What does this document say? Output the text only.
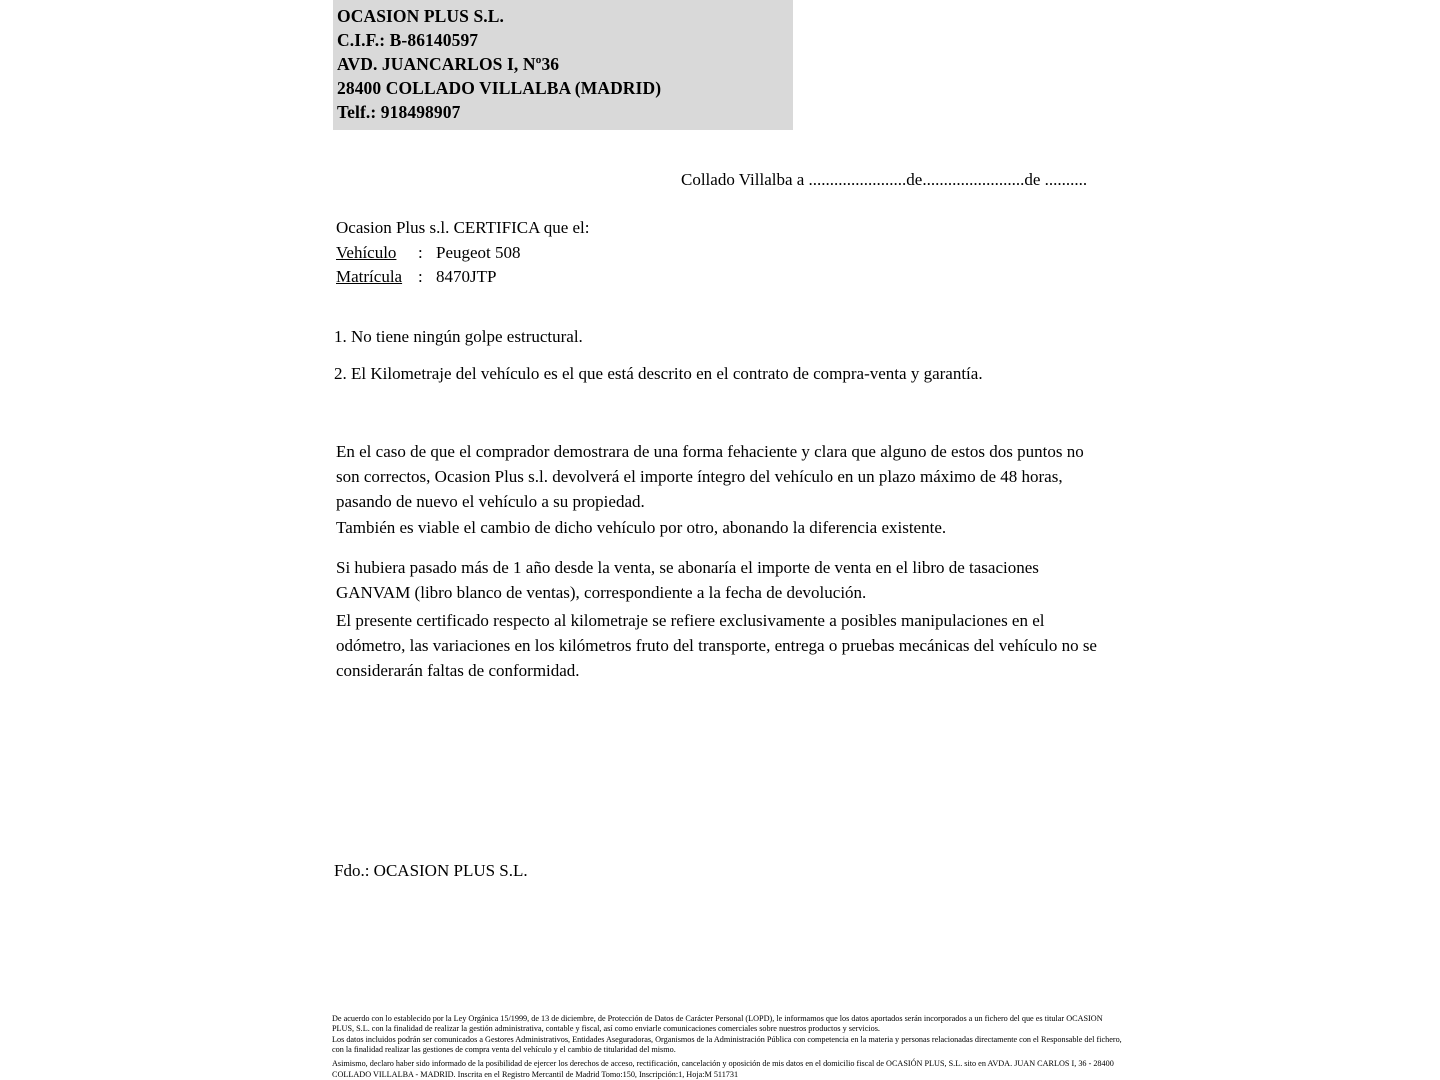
OCASION PLUS S.L.
C.I.F.: B-86140597
AVD. JUANCARLOS I, Nº36
28400 COLLADO VILLALBA (MADRID)
Telf.: 918498907
Collado Villalba a .......................de........................de ..........
Ocasion Plus s.l. CERTIFICA que el:
Vehículo : Peugeot 508
Matrícula : 8470JTP
1. No tiene ningún golpe estructural.
2. El Kilometraje del vehículo es el que está descrito en el contrato de compra-venta y garantía.
En el caso de que el comprador demostrara de una forma fehaciente y clara que alguno de estos dos puntos no son correctos, Ocasion Plus s.l. devolverá el importe íntegro del vehículo en un plazo máximo de 48 horas, pasando de nuevo el vehículo a su propiedad.
También es viable el cambio de dicho vehículo por otro, abonando la diferencia existente.
Si hubiera pasado más de 1 año desde la venta, se abonaría el importe de venta en el libro de tasaciones GANVAM (libro blanco de ventas), correspondiente a la fecha de devolución.
El presente certificado respecto al kilometraje se refiere exclusivamente a posibles manipulaciones en el odómetro, las variaciones en los kilómetros fruto del transporte, entrega o pruebas mecánicas del vehículo no se considerarán faltas de conformidad.
Fdo.: OCASION PLUS S.L.

De acuerdo con lo establecido por la Ley Orgánica 15/1999, de 13 de diciembre, de Protección de Datos de Carácter Personal (LOPD), le informamos que los datos aportados serán incorporados a un fichero del que es titular OCASION PLUS, S.L. con la finalidad de realizar la gestión administrativa, contable y fiscal, así como enviarle comunicaciones comerciales sobre nuestros productos y servicios.

Los datos incluidos podrán ser comunicados a Gestores Administrativos, Entidades Aseguradoras, Organismos de la Administración Pública con competencia en la materia y personas relacionadas directamente con el Responsable del fichero, con la finalidad realizar las gestiones de compra venta del vehículo y el cambio de titularidad del mismo.

Asimismo, declaro haber sido informado de la posibilidad de ejercer los derechos de acceso, rectificación, cancelación y oposición de mis datos en el domicilio fiscal de OCASIÓN PLUS, S.L. sito en AVDA. JUAN CARLOS I, 36 - 28400 COLLADO VILLALBA - MADRID. Inscrita en el Registro Mercantil de Madrid Tomo:150, Inscripción:1, Hoja:M 511731
